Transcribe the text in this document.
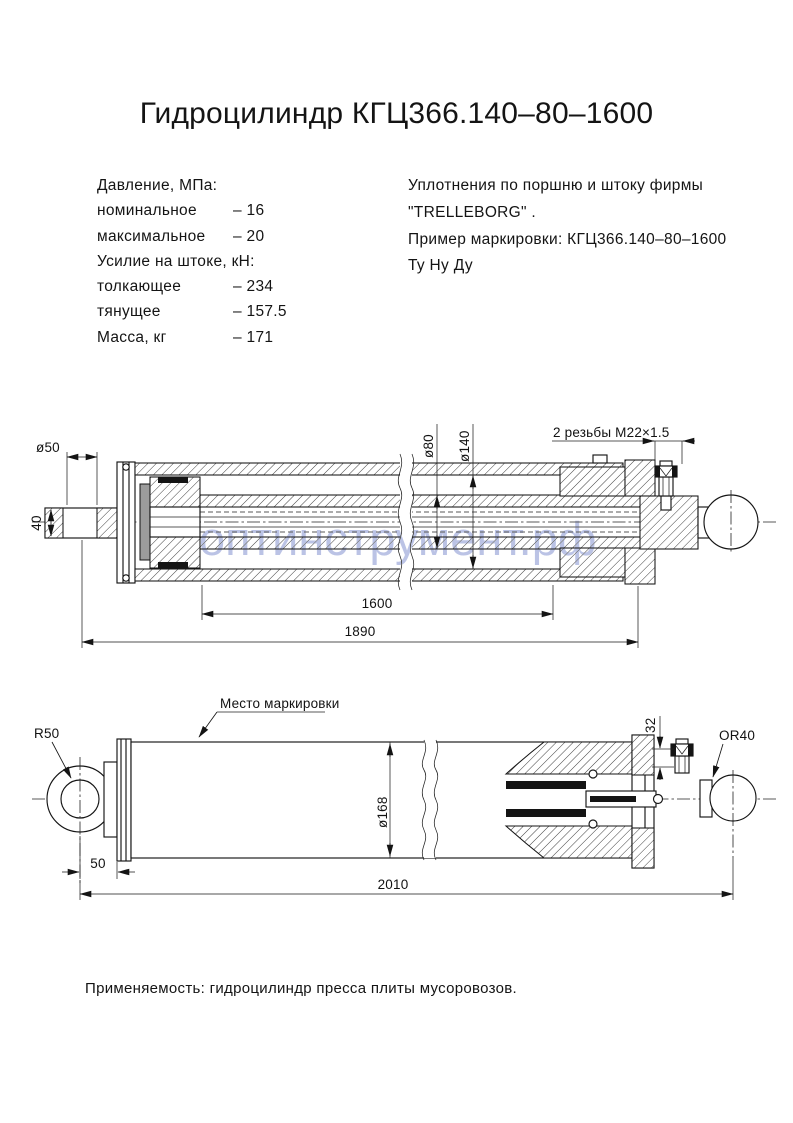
Гидроцилиндр КГЦ366.140–80–1600
Давление, МПа:
номинальное	– 16
максимальное	– 20
Усилие на штоке, кН:
толкающее	– 234
тянущее	– 157.5
Масса, кг	– 171
Уплотнения по поршню и штоку фирмы
"TRELLEBORG" .
Пример маркировки: КГЦ366.140–80–1600
Ту Ну Ду
ø50
40
ø80 ø140	2 резьбы М22×1.5
1600
1890
R50
Место маркировки
32
OR40
ø168
50
2010
оптинструмент.рф
Применяемость: гидроцилиндр пресса плиты мусоровозов.
